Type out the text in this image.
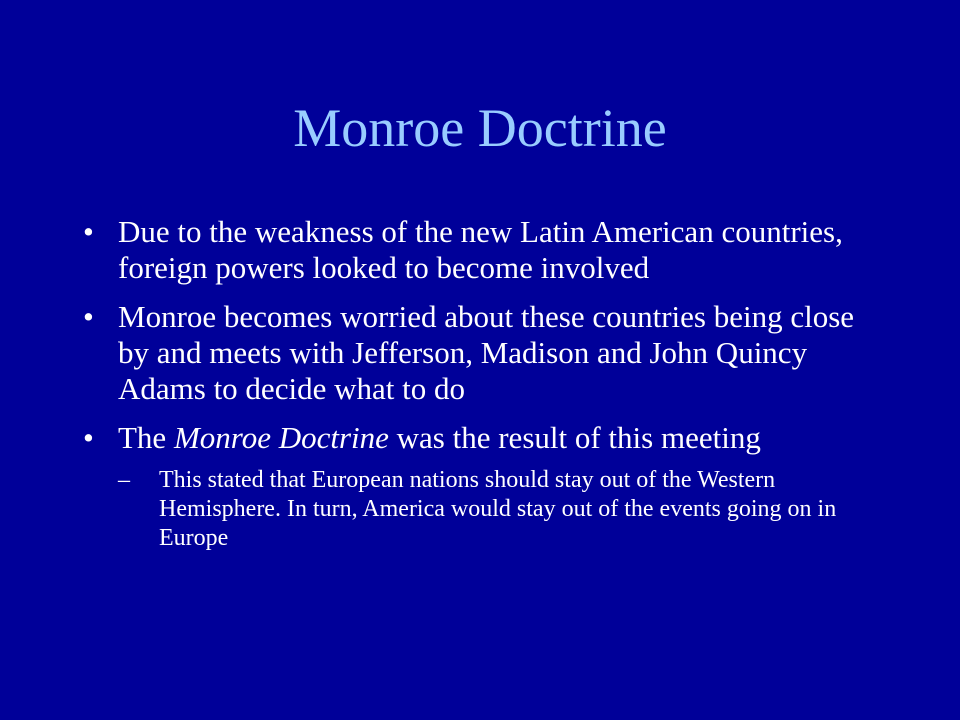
Monroe Doctrine
• Due to the weakness of the new Latin American countries, foreign powers looked to become involved
• Monroe becomes worried about these countries being close by and meets with Jefferson, Madison and John Quincy Adams to decide what to do
• The Monroe Doctrine was the result of this meeting
– This stated that European nations should stay out of the Western Hemisphere. In turn, America would stay out of the events going on in Europe
